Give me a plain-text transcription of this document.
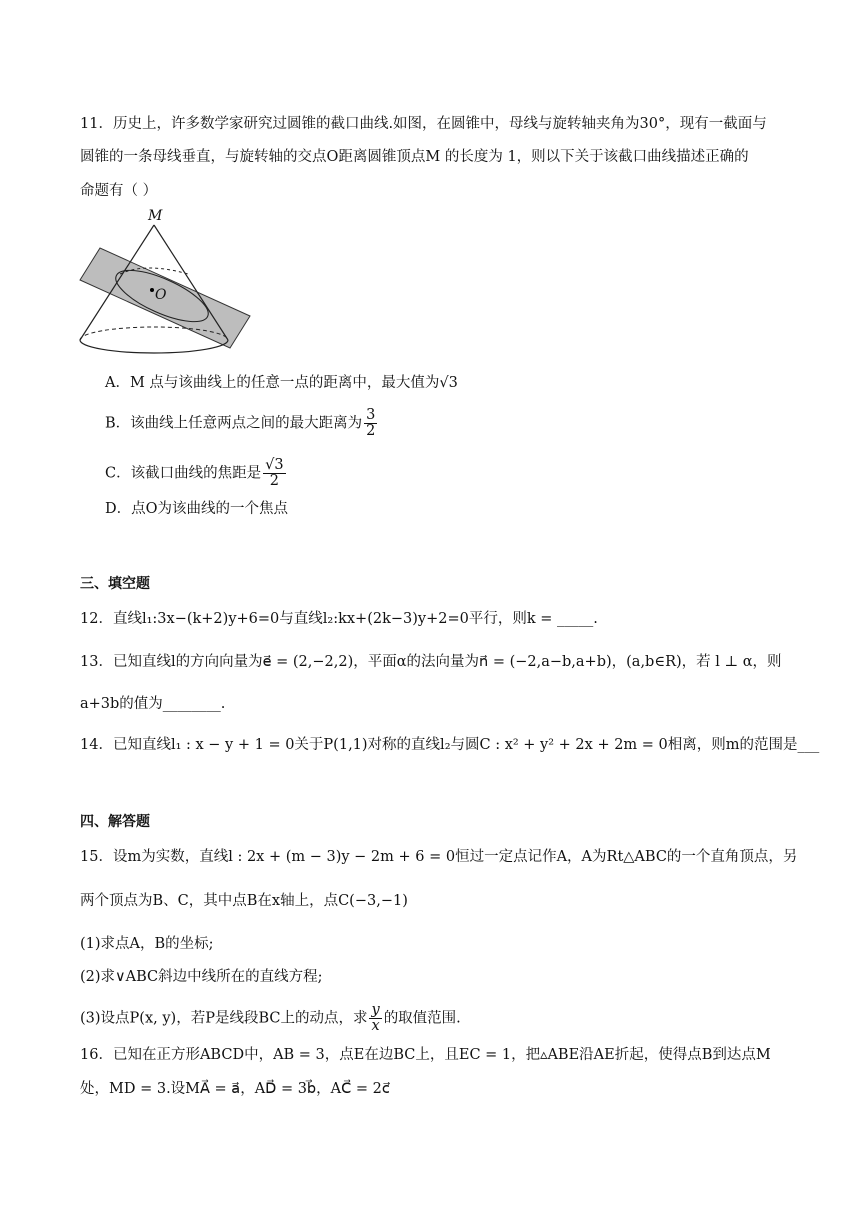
11．历史上，许多数学家研究过圆锥的截口曲线.如图，在圆锥中，母线与旋转轴夹角为30°，现有一截面与
圆锥的一条母线垂直，与旋转轴的交点O距离圆锥顶点M 的长度为 1，则以下关于该截口曲线描述正确的
命题有（ ）
M
O
A．M 点与该曲线上的任意一点的距离中，最大值为√3
B．该曲线上任意两点之间的最大距离为 $\frac{3}{2}$
C．该截口曲线的焦距是 $\frac{√3}{2}$
D．点O为该曲线的一个焦点
三、填空题
12．直线l₁:3x−(k+2)y+6=0与直线l₂:kx+(2k−3)y+2=0平行，则k = _____.
13．已知直线l的方向向量为e⃗ = (2,−2,2)，平面α的法向量为n⃗ = (−2,a−b,a+b)，(a,b∈R)，若 l ⊥ α，则
a+3b的值为________.
14．已知直线l₁ : x − y + 1 = 0关于P(1,1)对称的直线l₂与圆C : x² + y² + 2x + 2m = 0相离，则m的范围是___
四、解答题
15．设m为实数，直线l : 2x + (m − 3)y − 2m + 6 = 0恒过一定点记作A，A为Rt△ABC的一个直角顶点，另
两个顶点为B、C，其中点B在x轴上，点C(−3,−1)
(1)求点A，B的坐标;
(2)求∨ABC斜边中线所在的直线方程;
(3)设点P(x, y)，若P是线段BC上的动点，求 $\frac{y}{x}$ 的取值范围.
16．已知在正方形ABCD中，AB = 3，点E在边BC上，且EC = 1，把▵ABE沿AE折起，使得点B到达点M
处，MD = 3.设MA⃗ = a⃗，AD⃗ = 3b⃗，AC⃗ = 2c⃗
